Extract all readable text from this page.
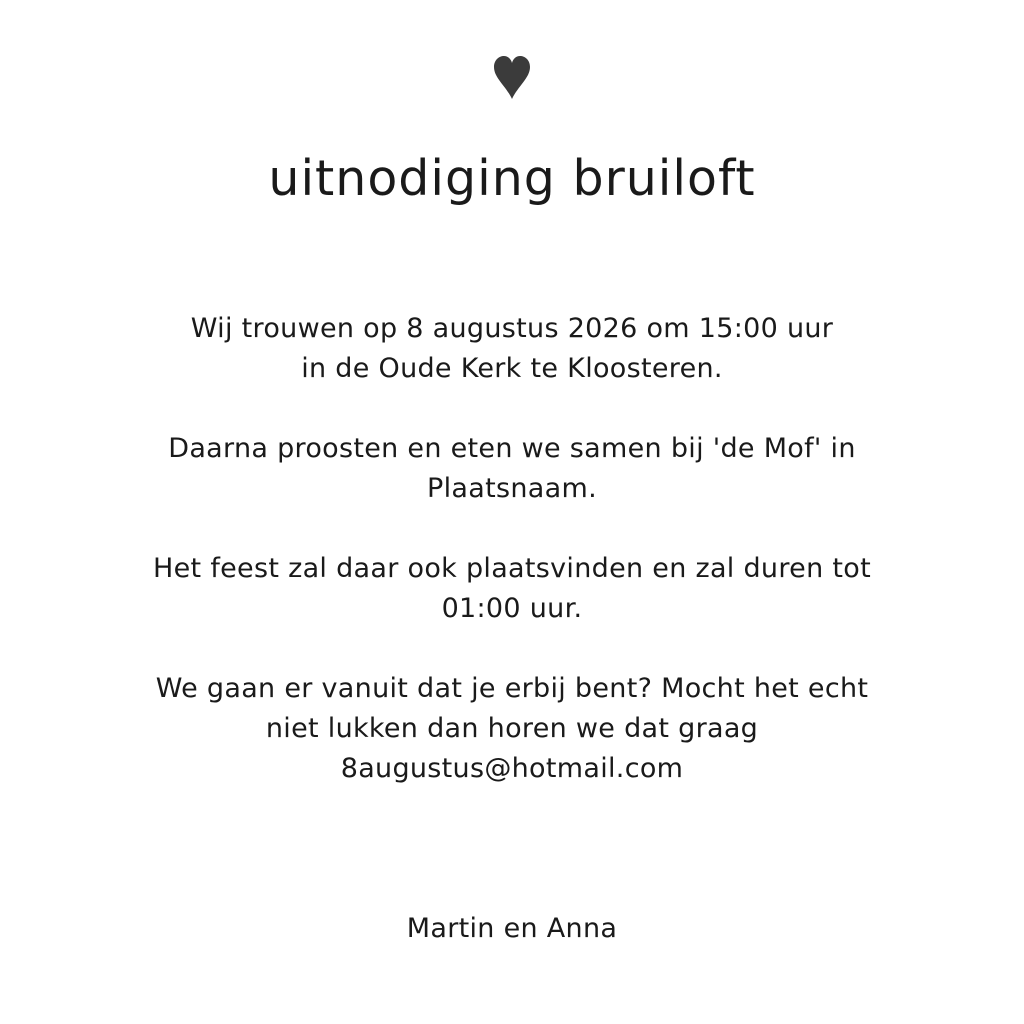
uitnodiging bruiloft

Wij trouwen op 8 augustus 2026 om 15:00 uur
in de Oude Kerk te Kloosteren.

Daarna proosten en eten we samen bij 'de Mof' in
Plaatsnaam.

Het feest zal daar ook plaatsvinden en zal duren tot
01:00 uur.

We gaan er vanuit dat je erbij bent? Mocht het echt
niet lukken dan horen we dat graag
8augustus@hotmail.com

Martin en Anna
